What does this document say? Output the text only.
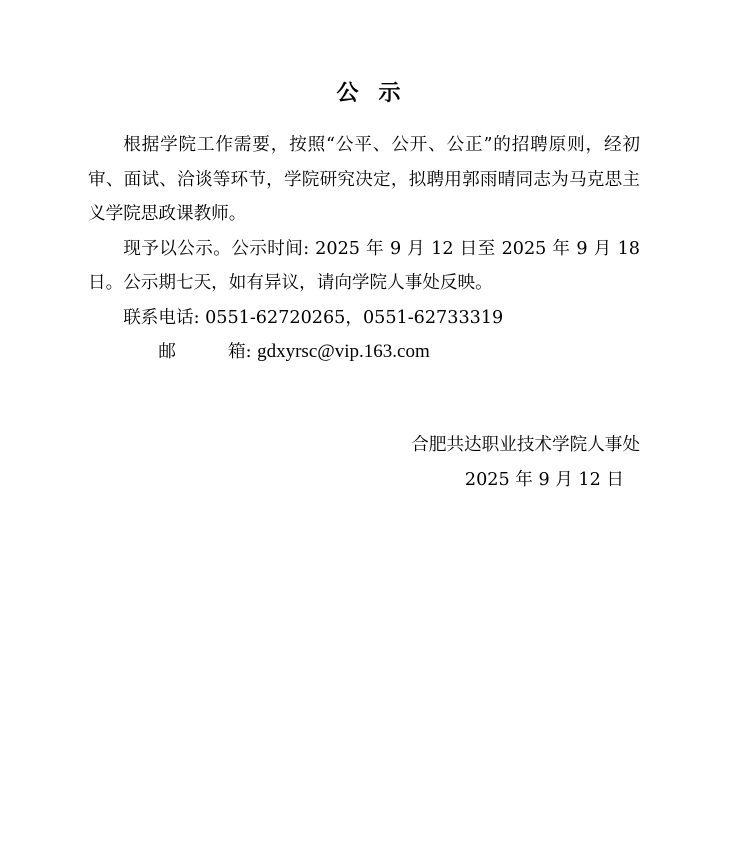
公示

根据学院工作需要，按照“公平、公开、公正”的招聘原则，经初审、面试、洽谈等环节，学院研究决定，拟聘用郭雨晴同志为马克思主义学院思政课教师。

现予以公示。公示时间: 2025 年 9 月 12 日至 2025 年 9 月 18 日。公示期七天，如有异议，请向学院人事处反映。

联系电话: 0551-62720265，0551-62733319

邮	箱: gdxyrsc@vip.163.com

合肥共达职业技术学院人事处
2025 年 9 月 12 日
